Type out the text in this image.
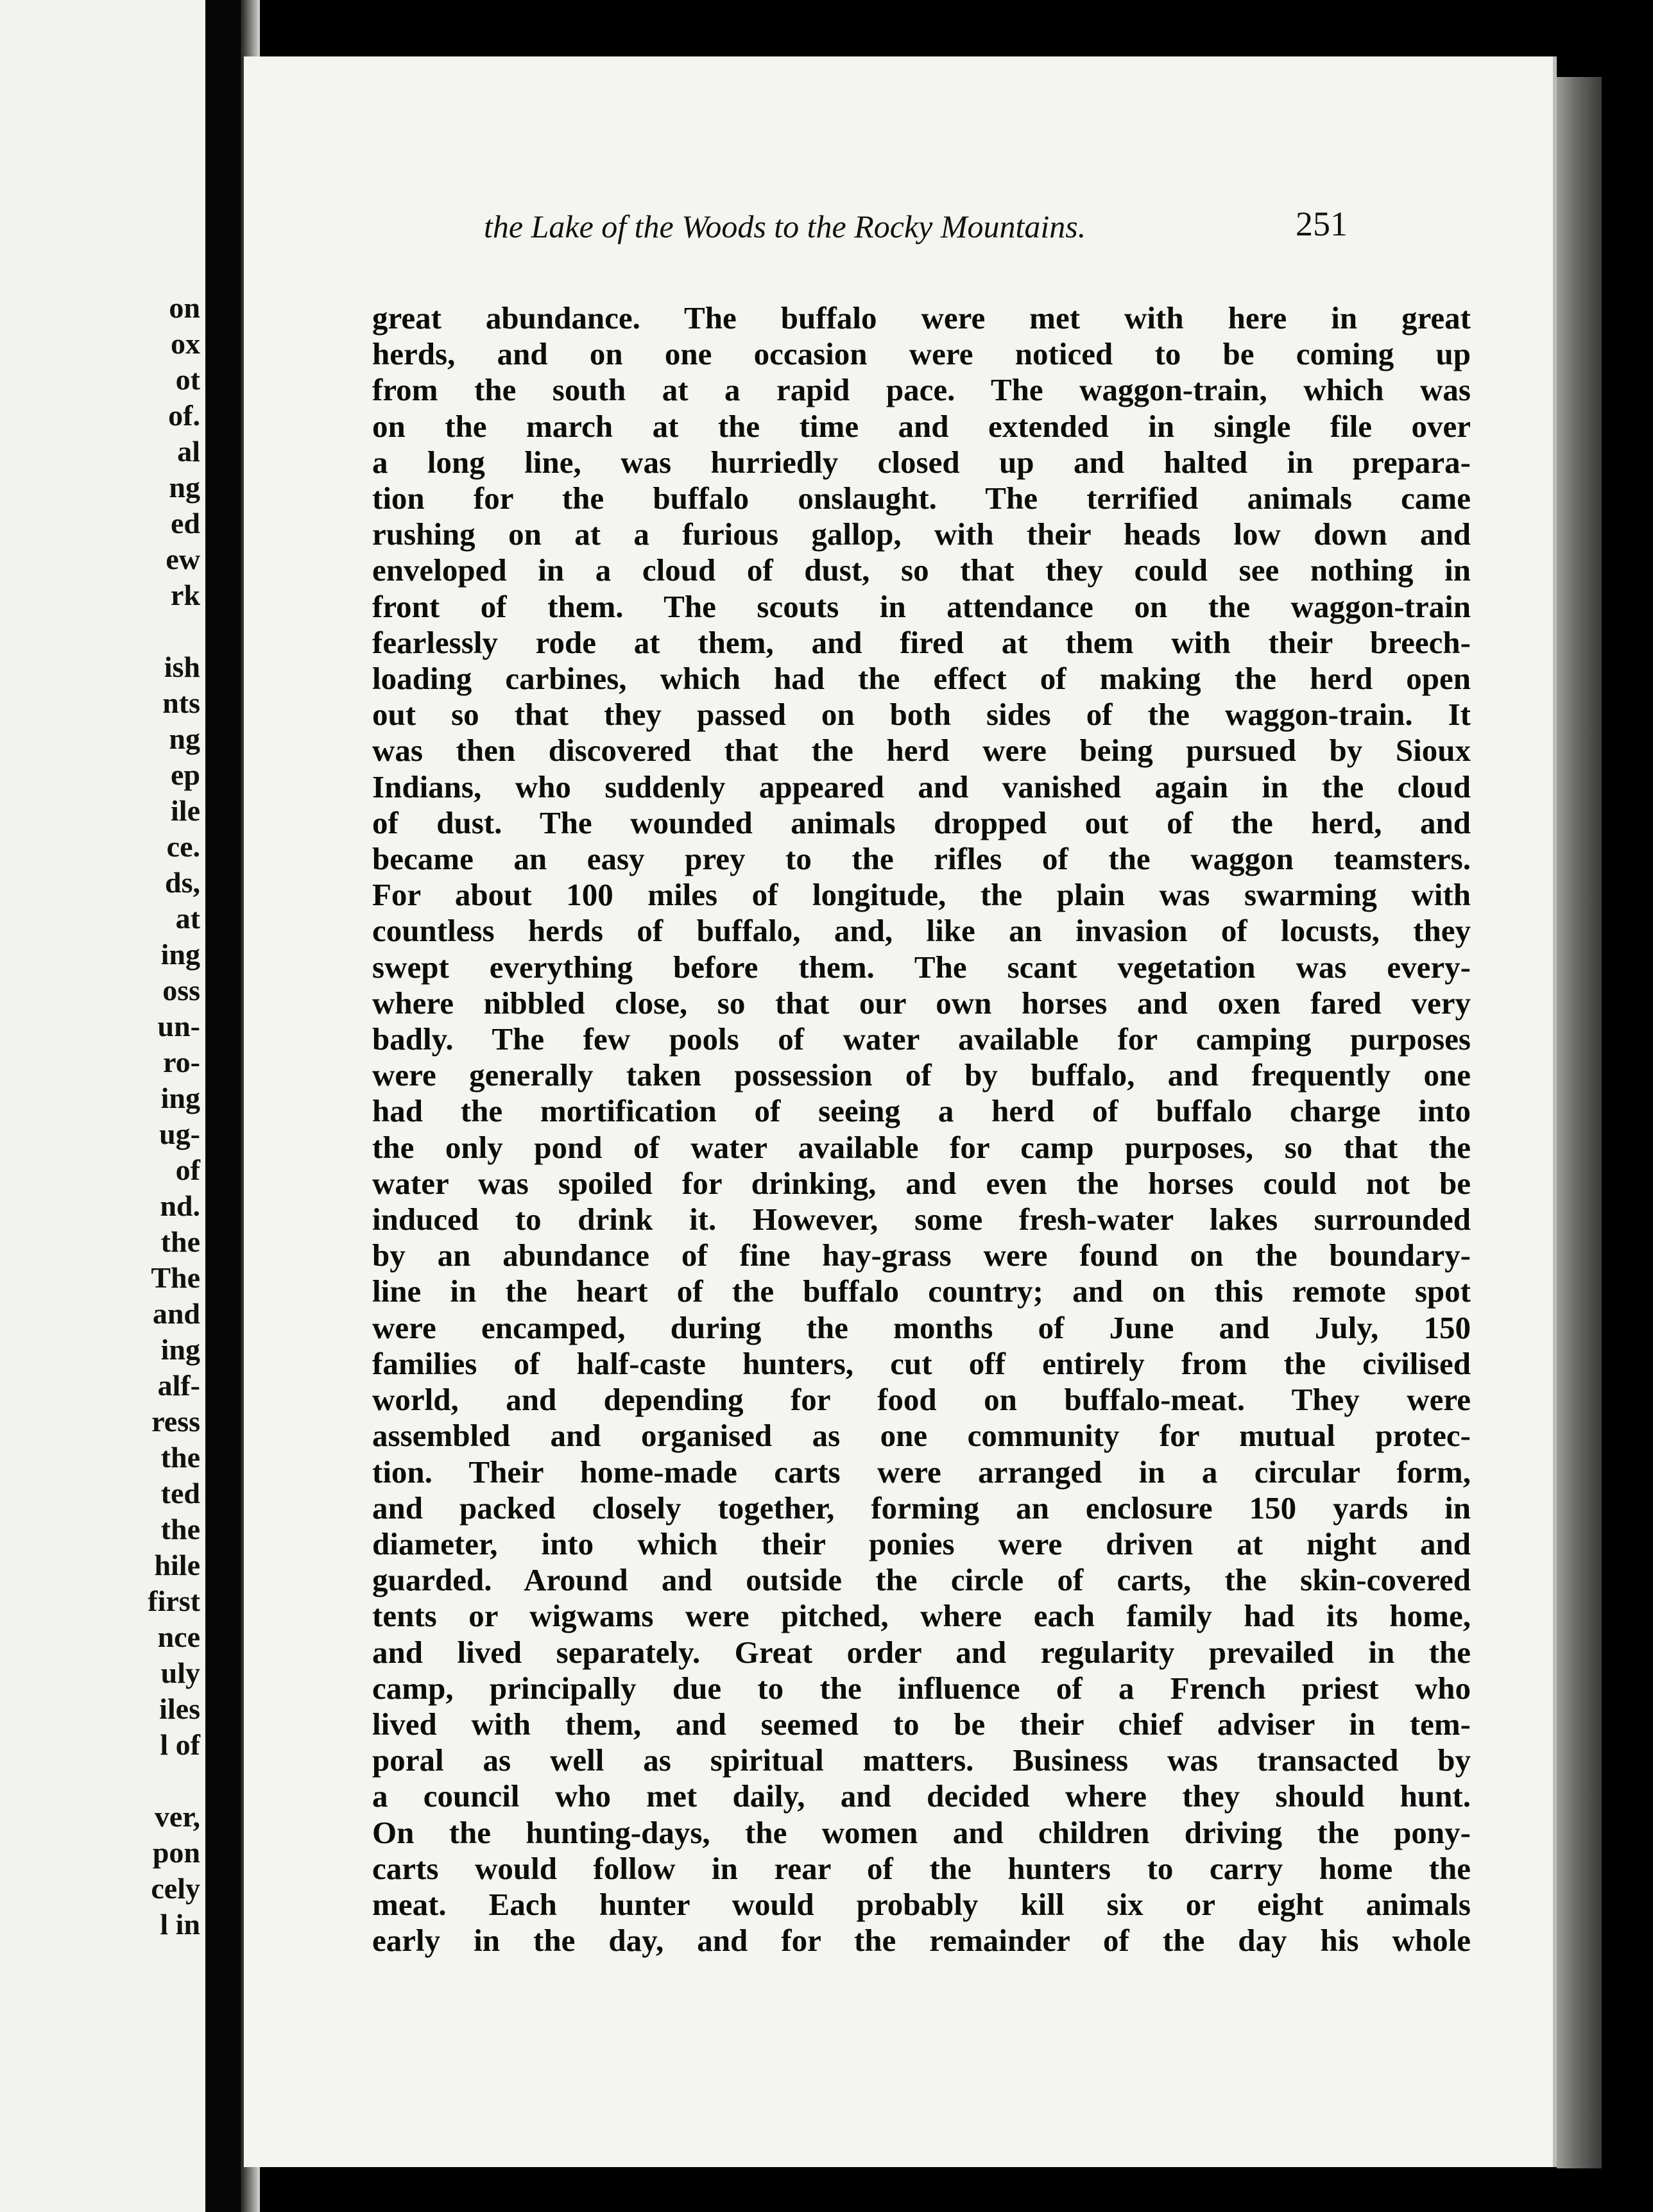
on
ox
ot
of.
al
ng
ed
ew
rk
ish
nts
ng
ep
ile
ce.
ds,
at
ing
oss
un-
ro-
ing
ug-
of
nd.
the
The
and
ing
alf-
ress
the
ted
the
hile
first
nce
uly
iles
l of
ver,
pon
cely
l in
the Lake of the Woods to the Rocky Mountains.	251
great abundance. The buffalo were met with here in great
herds, and on one occasion were noticed to be coming up
from the south at a rapid pace. The waggon-train, which was
on the march at the time and extended in single file over
a long line, was hurriedly closed up and halted in prepara-
tion for the buffalo onslaught. The terrified animals came
rushing on at a furious gallop, with their heads low down and
enveloped in a cloud of dust, so that they could see nothing in
front of them. The scouts in attendance on the waggon-train
fearlessly rode at them, and fired at them with their breech-
loading carbines, which had the effect of making the herd open
out so that they passed on both sides of the waggon-train. It
was then discovered that the herd were being pursued by Sioux
Indians, who suddenly appeared and vanished again in the cloud
of dust. The wounded animals dropped out of the herd, and
became an easy prey to the rifles of the waggon teamsters.
For about 100 miles of longitude, the plain was swarming with
countless herds of buffalo, and, like an invasion of locusts, they
swept everything before them. The scant vegetation was every-
where nibbled close, so that our own horses and oxen fared very
badly. The few pools of water available for camping purposes
were generally taken possession of by buffalo, and frequently one
had the mortification of seeing a herd of buffalo charge into
the only pond of water available for camp purposes, so that the
water was spoiled for drinking, and even the horses could not be
induced to drink it. However, some fresh-water lakes surrounded
by an abundance of fine hay-grass were found on the boundary-
line in the heart of the buffalo country; and on this remote spot
were encamped, during the months of June and July, 150
families of half-caste hunters, cut off entirely from the civilised
world, and depending for food on buffalo-meat. They were
assembled and organised as one community for mutual protec-
tion. Their home-made carts were arranged in a circular form,
and packed closely together, forming an enclosure 150 yards in
diameter, into which their ponies were driven at night and
guarded. Around and outside the circle of carts, the skin-covered
tents or wigwams were pitched, where each family had its home,
and lived separately. Great order and regularity prevailed in the
camp, principally due to the influence of a French priest who
lived with them, and seemed to be their chief adviser in tem-
poral as well as spiritual matters. Business was transacted by
a council who met daily, and decided where they should hunt.
On the hunting-days, the women and children driving the pony-
carts would follow in rear of the hunters to carry home the
meat. Each hunter would probably kill six or eight animals
early in the day, and for the remainder of the day his whole
